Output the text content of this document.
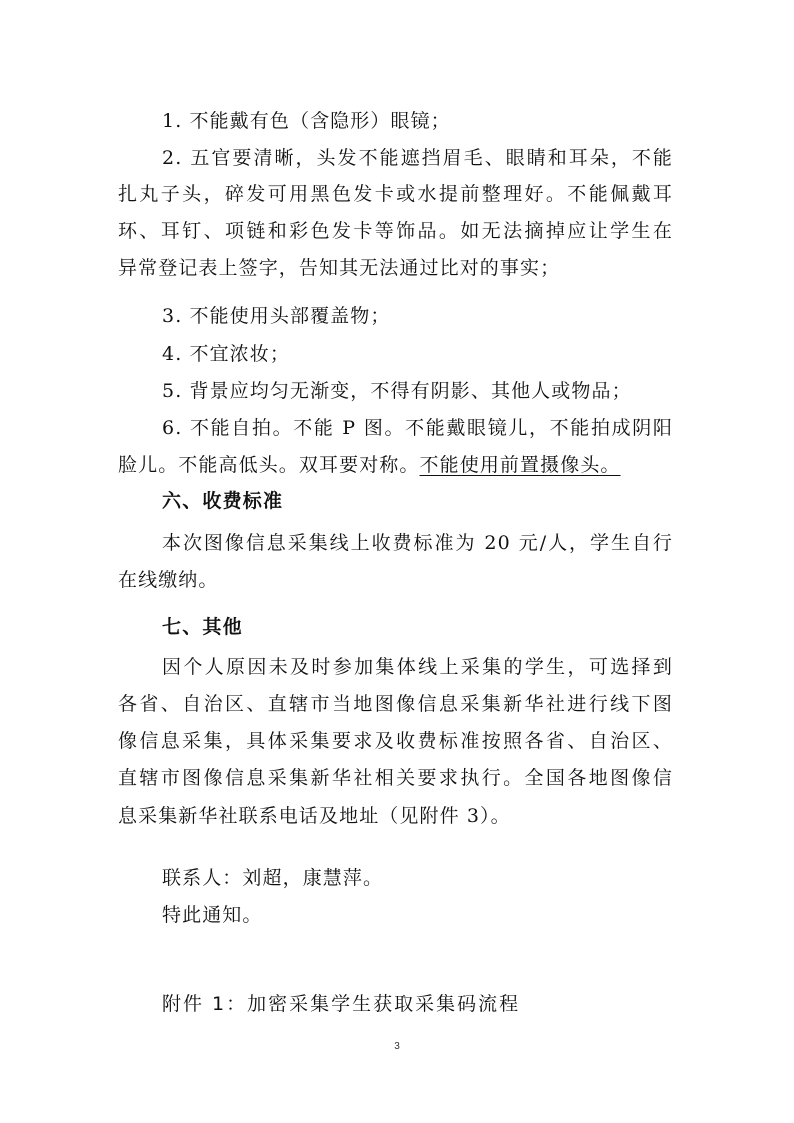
1. 不能戴有色（含隐形）眼镜；
2. 五官要清晰，头发不能遮挡眉毛、眼睛和耳朵，不能
扎丸子头，碎发可用黑色发卡或水提前整理好。不能佩戴耳
环、耳钉、项链和彩色发卡等饰品。如无法摘掉应让学生在
异常登记表上签字，告知其无法通过比对的事实；
3. 不能使用头部覆盖物；
4. 不宜浓妆；
5. 背景应均匀无渐变，不得有阴影、其他人或物品；
6. 不能自拍。不能 P 图。不能戴眼镜儿，不能拍成阴阳
脸儿。不能高低头。双耳要对称。不能使用前置摄像头。
六、收费标准
本次图像信息采集线上收费标准为 20 元/人，学生自行
在线缴纳。
七、其他
因个人原因未及时参加集体线上采集的学生，可选择到
各省、自治区、直辖市当地图像信息采集新华社进行线下图
像信息采集，具体采集要求及收费标准按照各省、自治区、
直辖市图像信息采集新华社相关要求执行。全国各地图像信
息采集新华社联系电话及地址（见附件 3）。
联系人：刘超，康慧萍。
特此通知。
附件 1：加密采集学生获取采集码流程
3
